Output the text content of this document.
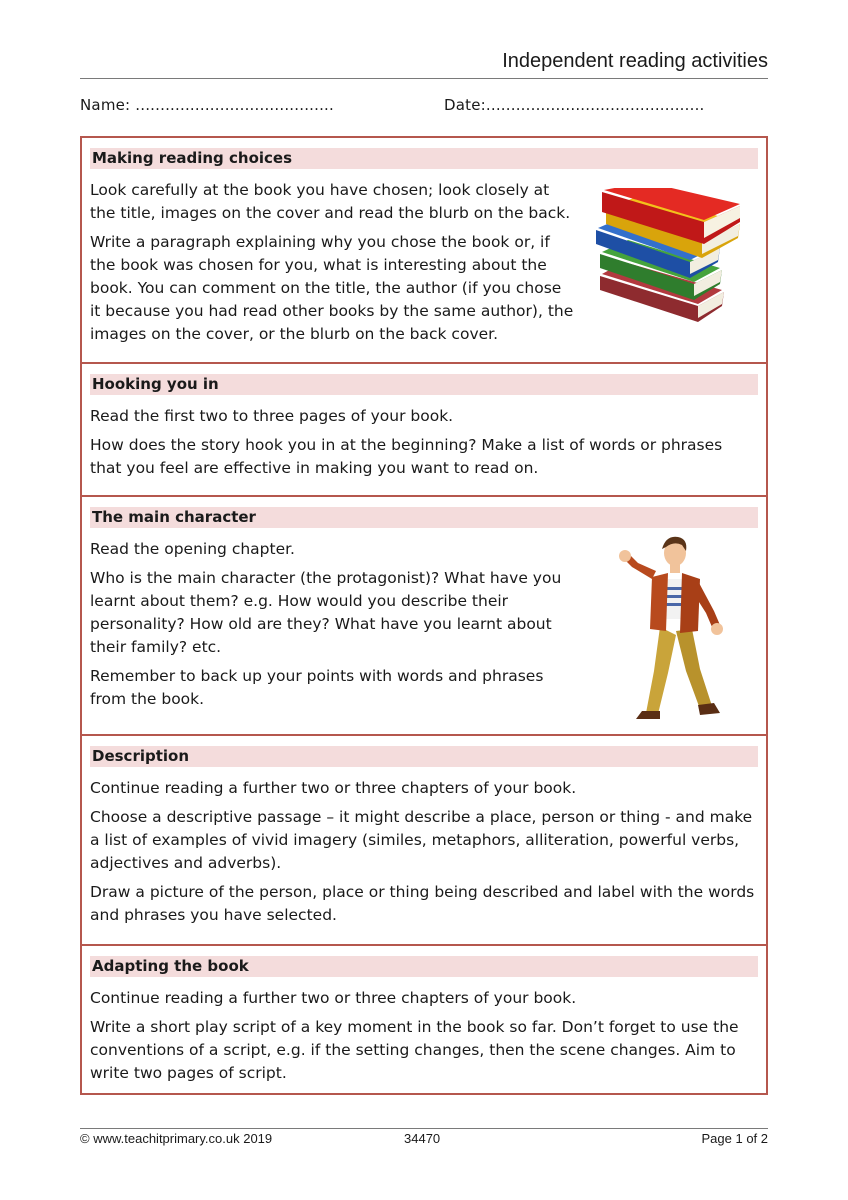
Independent reading activities
Name: ........................................	Date:............................................
Making reading choices

Look carefully at the book you have chosen; look closely at the title, images on the cover and read the blurb on the back.

Write a paragraph explaining why you chose the book or, if the book was chosen for you, what is interesting about the book. You can comment on the title, the author (if you chose it because you had read other books by the same author), the images on the cover, or the blurb on the back cover.

Hooking you in

Read the first two to three pages of your book.

How does the story hook you in at the beginning? Make a list of words or phrases that you feel are effective in making you want to read on.

The main character

Read the opening chapter.

Who is the main character (the protagonist)? What have you learnt about them? e.g. How would you describe their personality? How old are they? What have you learnt about their family? etc.

Remember to back up your points with words and phrases from the book.

Description

Continue reading a further two or three chapters of your book.

Choose a descriptive passage – it might describe a place, person or thing - and make a list of examples of vivid imagery (similes, metaphors, alliteration, powerful verbs, adjectives and adverbs).

Draw a picture of the person, place or thing being described and label with the words and phrases you have selected.

Adapting the book

Continue reading a further two or three chapters of your book.

Write a short play script of a key moment in the book so far. Don’t forget to use the conventions of a script, e.g. if the setting changes, then the scene changes. Aim to write two pages of script.

© www.teachitprimary.co.uk 2019	34470	Page 1 of 2
